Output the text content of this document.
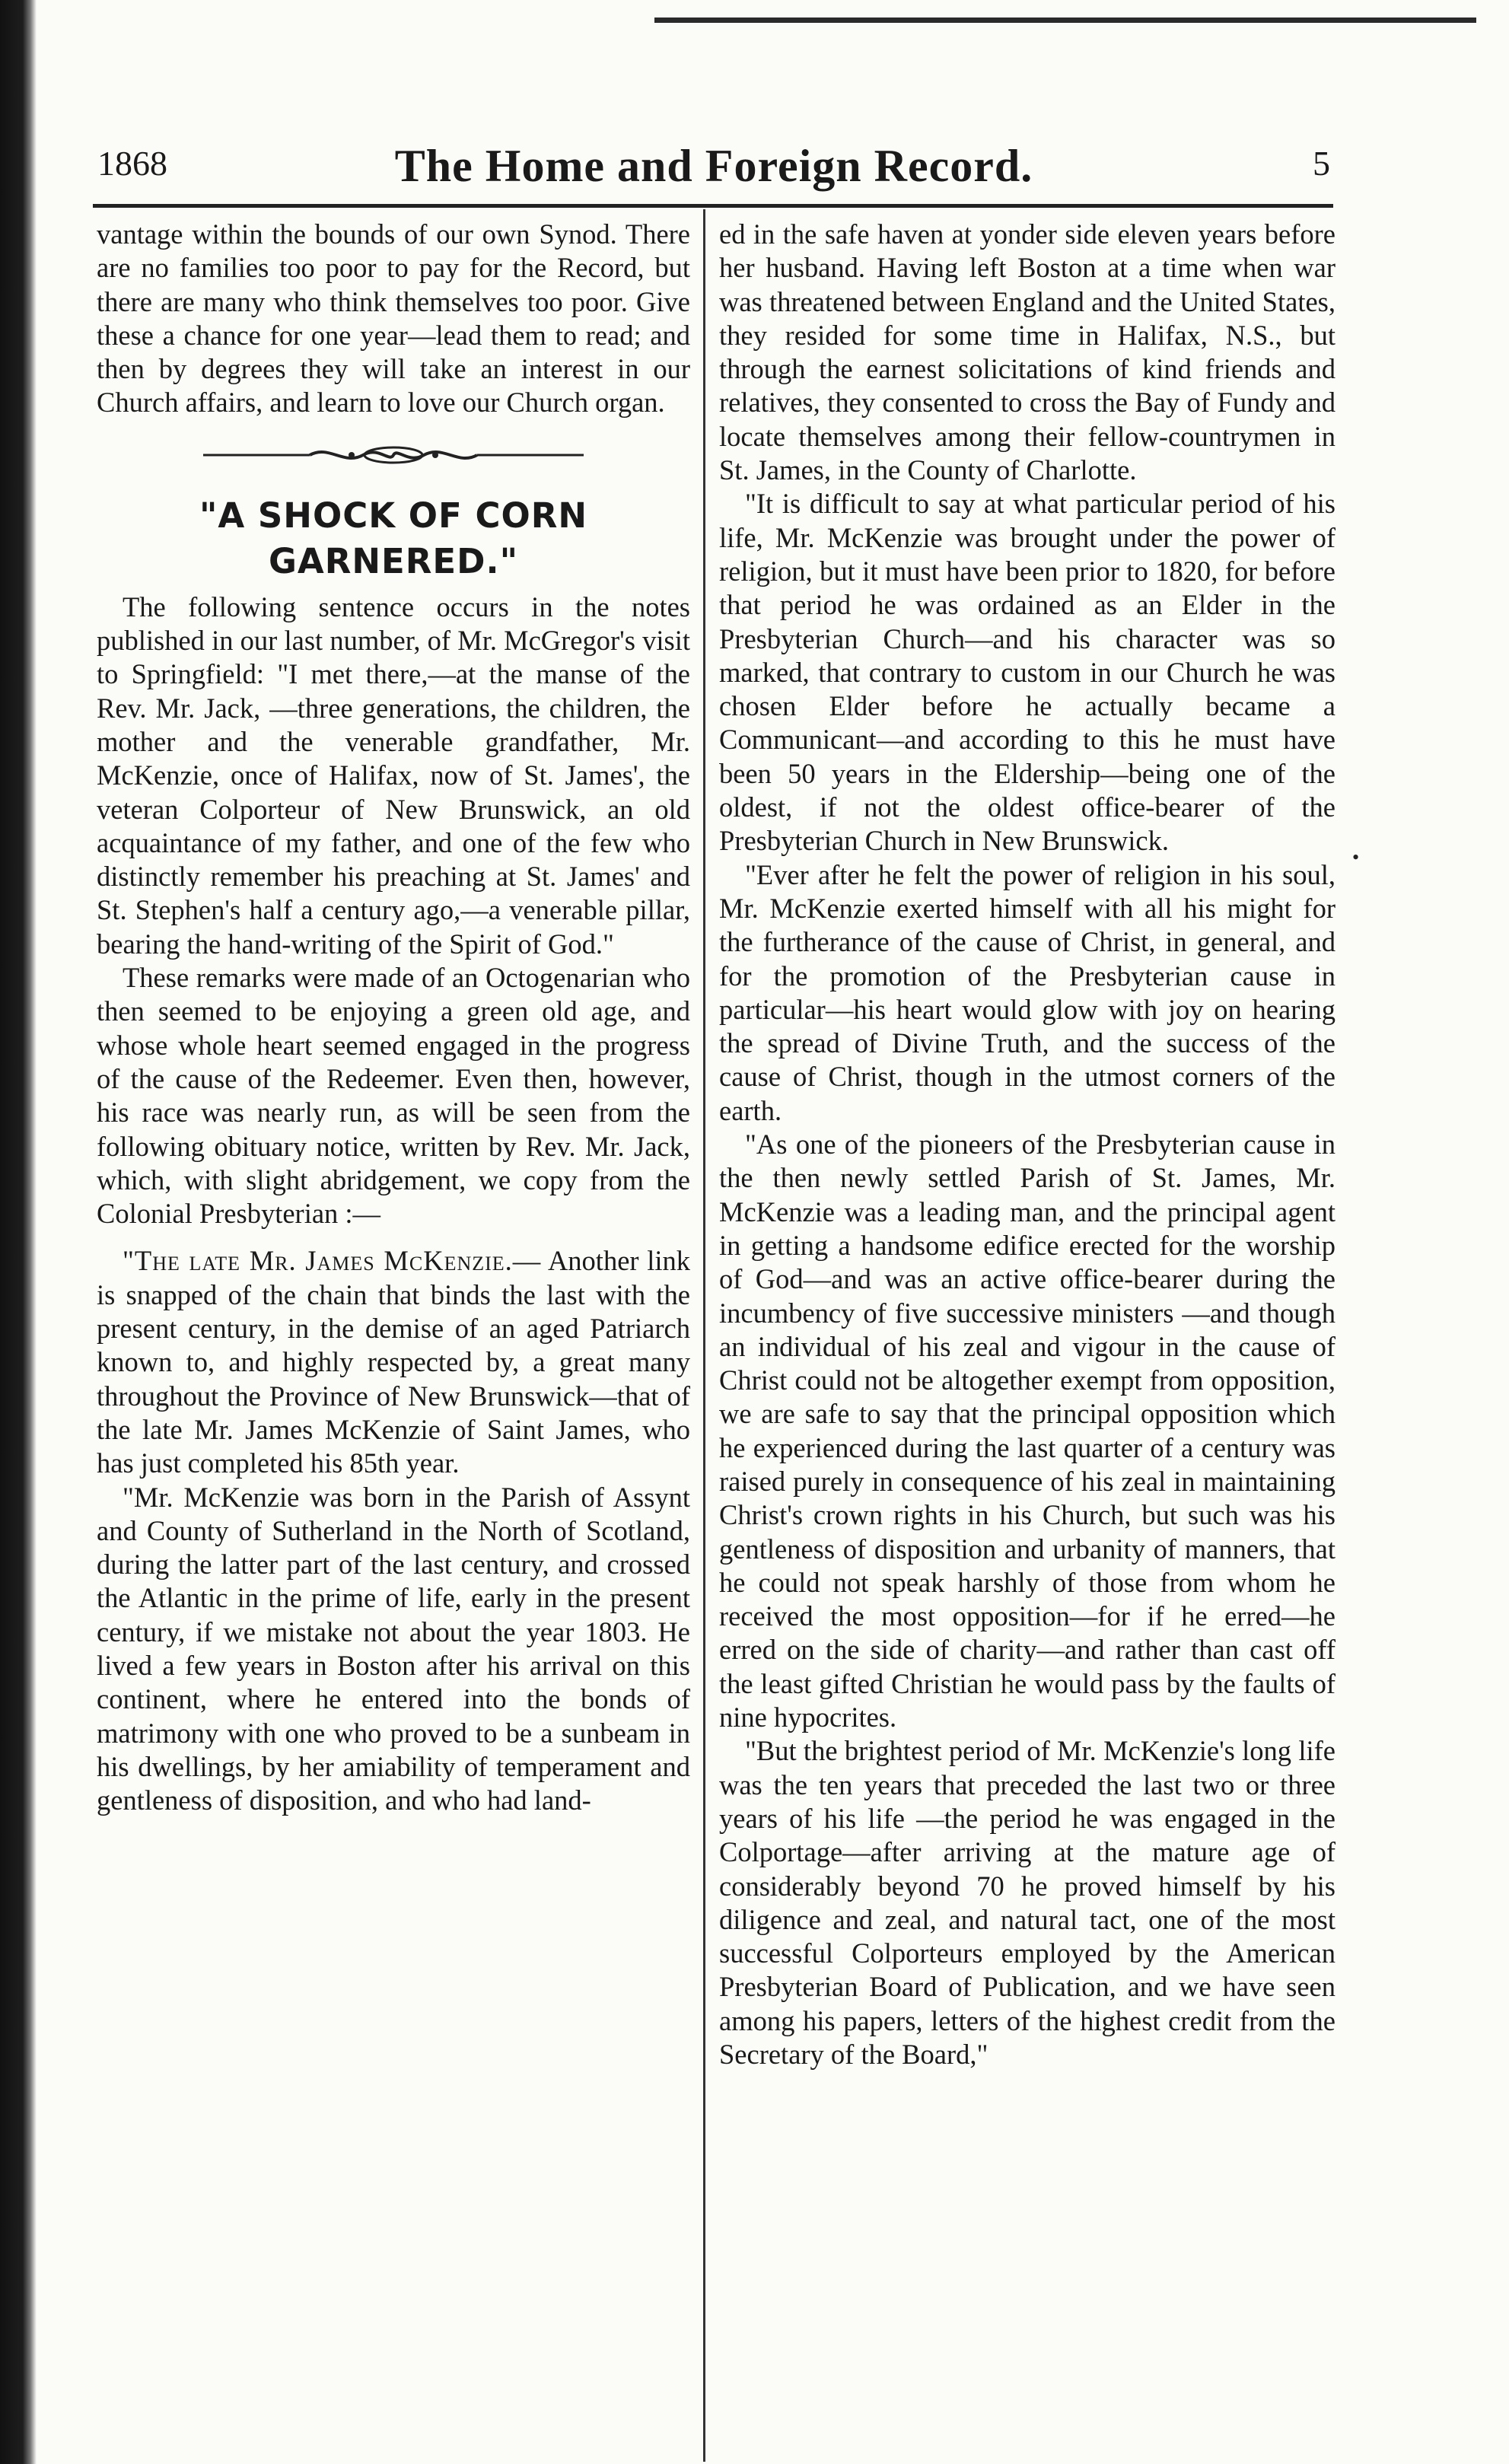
1868	The Home and Foreign Record.	5

vantage within the bounds of our own Synod. There are no families too poor to pay for the Record, but there are many who think themselves too poor. Give these a chance for one year—lead them to read; and then by degrees they will take an interest in our Church affairs, and learn to love our Church organ.

"A SHOCK OF CORN GARNERED."

The following sentence occurs in the notes published in our last number, of Mr. McGregor's visit to Springfield: "I met there,—at the manse of the Rev. Mr. Jack, —three generations, the children, the mother and the venerable grandfather, Mr. McKenzie, once of Halifax, now of St. James', the veteran Colporteur of New Brunswick, an old acquaintance of my father, and one of the few who distinctly remember his preaching at St. James' and St. Stephen's half a century ago,—a venerable pillar, bearing the hand-writing of the Spirit of God."

These remarks were made of an Octogenarian who then seemed to be enjoying a green old age, and whose whole heart seemed engaged in the progress of the cause of the Redeemer. Even then, however, his race was nearly run, as will be seen from the following obituary notice, written by Rev. Mr. Jack, which, with slight abridgement, we copy from the Colonial Presbyterian :—

"The late Mr. James McKenzie.— Another link is snapped of the chain that binds the last with the present century, in the demise of an aged Patriarch known to, and highly respected by, a great many throughout the Province of New Brunswick—that of the late Mr. James McKenzie of Saint James, who has just completed his 85th year.

"Mr. McKenzie was born in the Parish of Assynt and County of Sutherland in the North of Scotland, during the latter part of the last century, and crossed the Atlantic in the prime of life, early in the present century, if we mistake not about the year 1803. He lived a few years in Boston after his arrival on this continent, where he entered into the bonds of matrimony with one who proved to be a sunbeam in his dwellings, by her amiability of temperament and gentleness of disposition, and who had land-

ed in the safe haven at yonder side eleven years before her husband. Having left Boston at a time when war was threatened between England and the United States, they resided for some time in Halifax, N.S., but through the earnest solicitations of kind friends and relatives, they consented to cross the Bay of Fundy and locate themselves among their fellow-countrymen in St. James, in the County of Charlotte.

"It is difficult to say at what particular period of his life, Mr. McKenzie was brought under the power of religion, but it must have been prior to 1820, for before that period he was ordained as an Elder in the Presbyterian Church—and his character was so marked, that contrary to custom in our Church he was chosen Elder before he actually became a Communicant—and according to this he must have been 50 years in the Eldership—being one of the oldest, if not the oldest office-bearer of the Presbyterian Church in New Brunswick.

"Ever after he felt the power of religion in his soul, Mr. McKenzie exerted himself with all his might for the furtherance of the cause of Christ, in general, and for the promotion of the Presbyterian cause in particular—his heart would glow with joy on hearing the spread of Divine Truth, and the success of the cause of Christ, though in the utmost corners of the earth.

"As one of the pioneers of the Presbyterian cause in the then newly settled Parish of St. James, Mr. McKenzie was a leading man, and the principal agent in getting a handsome edifice erected for the worship of God—and was an active office-bearer during the incumbency of five successive ministers —and though an individual of his zeal and vigour in the cause of Christ could not be altogether exempt from opposition, we are safe to say that the principal opposition which he experienced during the last quarter of a century was raised purely in consequence of his zeal in maintaining Christ's crown rights in his Church, but such was his gentleness of disposition and urbanity of manners, that he could not speak harshly of those from whom he received the most opposition—for if he erred—he erred on the side of charity—and rather than cast off the least gifted Christian he would pass by the faults of nine hypocrites.

"But the brightest period of Mr. McKenzie's long life was the ten years that preceded the last two or three years of his life —the period he was engaged in the Colportage—after arriving at the mature age of considerably beyond 70 he proved himself by his diligence and zeal, and natural tact, one of the most successful Colporteurs employed by the American Presbyterian Board of Publication, and we have seen among his papers, letters of the highest credit from the Secretary of the Board,"

•
